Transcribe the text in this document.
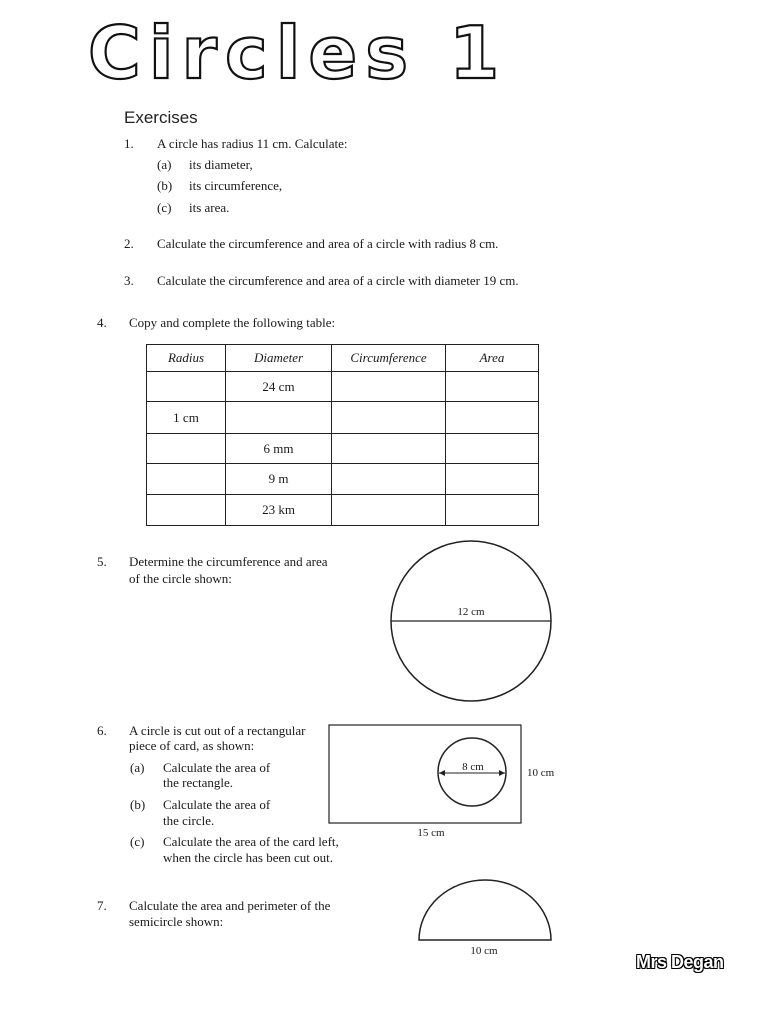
Circles 1
Exercises
1. A circle has radius 11 cm. Calculate:
(a) its diameter,
(b) its circumference,
(c) its area.
2. Calculate the circumference and area of a circle with radius 8 cm.
3. Calculate the circumference and area of a circle with diameter 19 cm.
4. Copy and complete the following table:
Radius	Diameter	Circumference	Area
	24 cm		
1 cm			
	6 mm		
	9 m		
	23 km		
5. Determine the circumference and area
of the circle shown:
12 cm
8 cm	10 cm
15 cm
10 cm
6. A circle is cut out of a rectangular
piece of card, as shown:
(a) Calculate the area of
the rectangle.
(b) Calculate the area of
the circle.
(c) Calculate the area of the card left,
when the circle has been cut out.
7. Calculate the area and perimeter of the
semicircle shown:
Mrs Degan
